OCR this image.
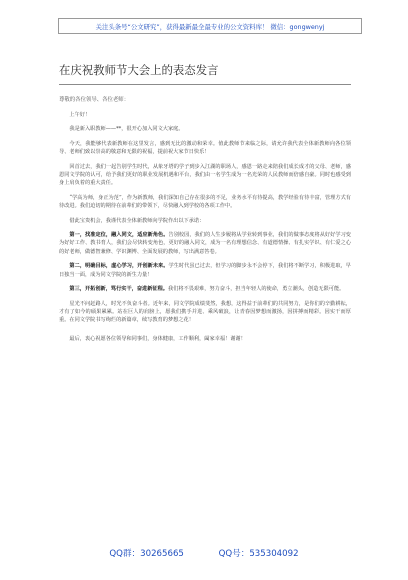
关注头条号“公文研究”，获得最新最全最专业的公文资料库！ 微信：gongwenyj
在庆祝教师节大会上的表态发言

尊敬的各位领导、各位老师：

上午好！

我是新入职教师——**，很开心加入同文大家庭。

今天，我能够代表新教师在这里发言，感到无比的激动和荣幸。值此教师节来临之际，请允许我代表全体新教师向各位领导、老师们致以崇高的敬意和无限的祝福，提前祝大家节日快乐！

回首过去，我们一起告别学生时代，从象牙塔的学子到步入江湖的职场人，感恩一路走来陪我们成长成才的父母、老师，感恩同文学院的认可，给予我们更好的职业发展机遇和平台，我们由一名学生成为一名光荣的人民教师而倍感自豪。同时也感受到身上肩负着的重大责任。

“学高为师，身正为范”，作为新教师，我们深知自己存在很多的不足，业务水平有待提高，教学经验有待丰富，管理方式有待改进。我们迫切的期待在前辈们的带领下，尽快融入到学校的各项工作中。

借此宝贵机会，我谨代表全体新教师向学院作出以下承诺：

第一，找准定位，融入同文，适应新角色。告别校园，我们的人生步履将从学业转到事业，我们的做事态度将从好好学习变为好好工作、教书育人，我们会尽快转变角色，更好的融入同文，成为一名有理想信念、有道德情操、有扎实学识、有仁爱之心的好老师，做德智兼修、学识渊博、全面发展的教师，写出满意答卷。

第二，明确目标，虚心学习，开创新未来。学生时代虽已过去，但学习的脚步永不会停下，我们将不断学习，积极进取，早日独当一面，成为同文学院的新生力量！

第三，开拓创新，笃行实干，奋进新征程。我们将不畏艰难，努力奋斗，担当年轻人的使命，勇立潮头，创造无限可能。

星光不问赶路人，时光不负奋斗者。近年来，同文学院成绩斐然，我想，这得益于前辈们的共同努力，是你们的辛勤耕耘，才有了如今的硕果累累。站在巨人的肩膀上，愿我们携手并进、乘风破浪，让青春因梦想而激扬，因拼搏而精彩。因实干而厚重。在同文学院书写绚烂的新篇章，续写教育的梦想之花！

最后，衷心祝愿各位领导和同事们，身体健康，工作顺利，阖家幸福！谢谢！

QQ群：30265665	QQ号：535304092
